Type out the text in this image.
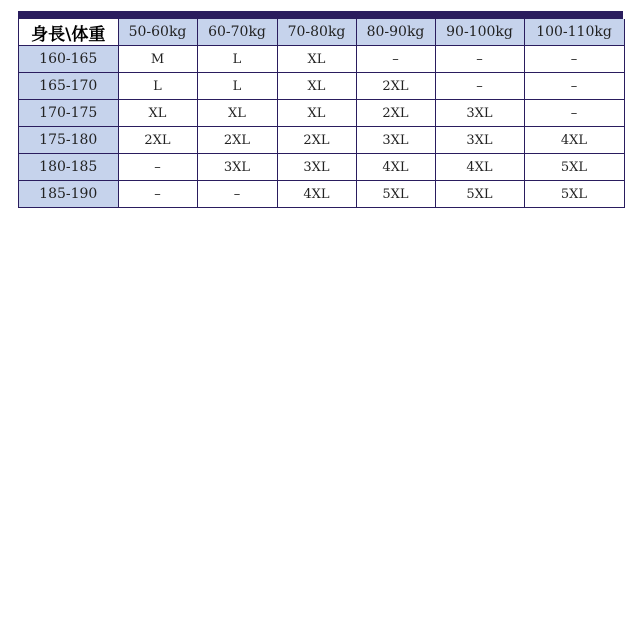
身長\体重	50-60kg	60-70kg	70-80kg	80-90kg	90-100kg	100-110kg
160-165	M	L	XL	–	–	–
165-170	L	L	XL	2XL	–	–
170-175	XL	XL	XL	2XL	3XL	–
175-180	2XL	2XL	2XL	3XL	3XL	4XL
180-185	–	3XL	3XL	4XL	4XL	5XL
185-190	–	–	4XL	5XL	5XL	5XL
